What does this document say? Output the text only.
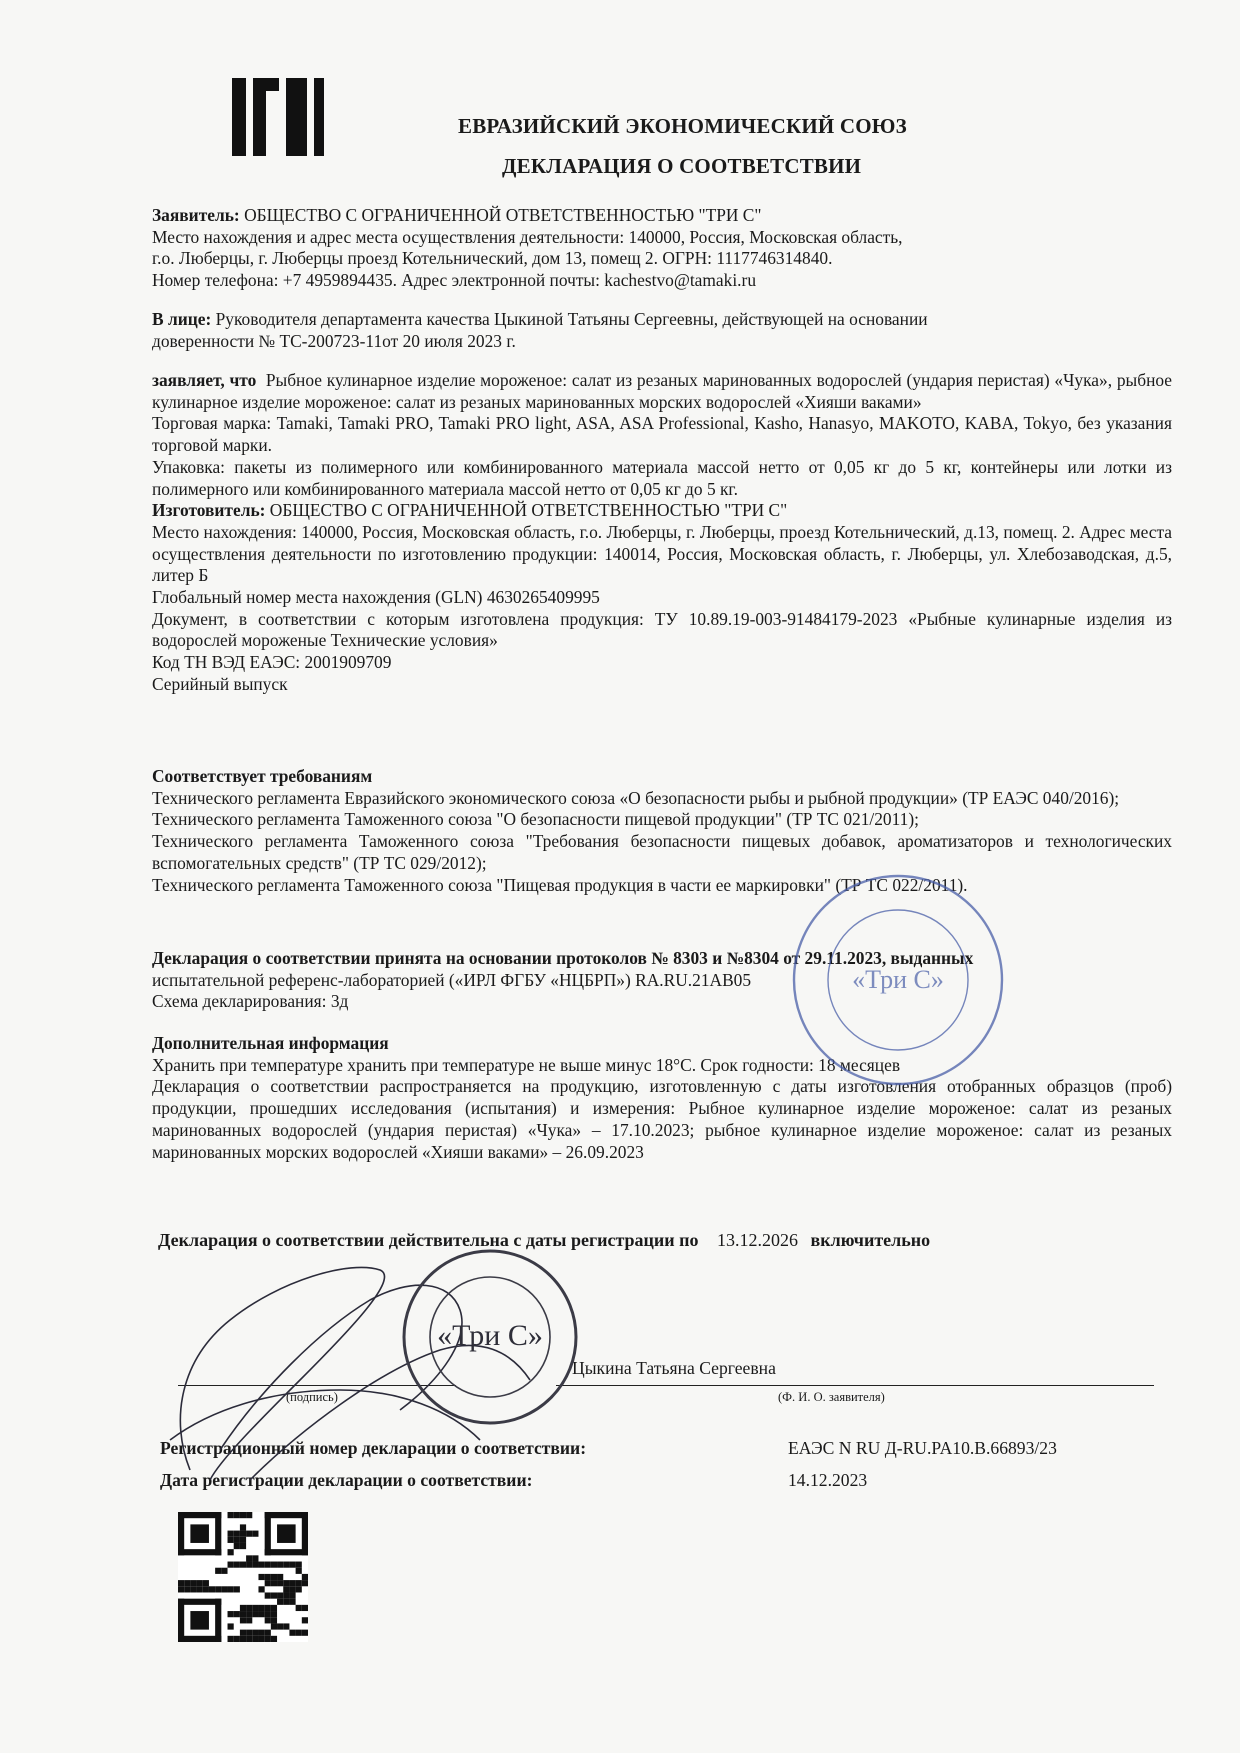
ЕВРАЗИЙСКИЙ ЭКОНОМИЧЕСКИЙ СОЮЗ
ДЕКЛАРАЦИЯ О СООТВЕТСТВИИ

Заявитель: ОБЩЕСТВО С ОГРАНИЧЕННОЙ ОТВЕТСТВЕННОСТЬЮ "ТРИ С"

Место нахождения и адрес места осуществления деятельности: 140000, Россия, Московская область,

г.о. Люберцы, г. Люберцы проезд Котельнический, дом 13, помещ 2. ОГРН: 1117746314840.

Номер телефона: +7 4959894435. Адрес электронной почты: kachestvo@tamaki.ru

В лице: Руководителя департамента качества Цыкиной Татьяны Сергеевны, действующей на основании

доверенности № ТС-200723-11от 20 июля 2023 г.

заявляет, что Рыбное кулинарное изделие мороженое: салат из резаных маринованных водорослей (ундария перистая) «Чука», рыбное кулинарное изделие мороженое: салат из резаных маринованных морских водорослей «Хияши ваками»

Торговая марка: Tamaki, Tamaki PRO, Tamaki PRO light, ASA, ASA Professional, Kasho, Hanasyo, MAKOTO, KABA, Tokyo, без указания торговой марки.

Упаковка: пакеты из полимерного или комбинированного материала массой нетто от 0,05 кг до 5 кг, контейнеры или лотки из полимерного или комбинированного материала массой нетто от 0,05 кг до 5 кг.

Изготовитель: ОБЩЕСТВО С ОГРАНИЧЕННОЙ ОТВЕТСТВЕННОСТЬЮ "ТРИ С"

Место нахождения: 140000, Россия, Московская область, г.о. Люберцы, г. Люберцы, проезд Котельнический, д.13, помещ. 2. Адрес места осуществления деятельности по изготовлению продукции: 140014, Россия, Московская область, г. Люберцы, ул. Хлебозаводская, д.5, литер Б

Глобальный номер места нахождения (GLN) 4630265409995

Документ, в соответствии с которым изготовлена продукция: ТУ 10.89.19-003-91484179-2023 «Рыбные кулинарные изделия из водорослей мороженые Технические условия»

Код ТН ВЭД ЕАЭС: 2001909709

Серийный выпуск

Соответствует требованиям

Технического регламента Евразийского экономического союза «О безопасности рыбы и рыбной продукции» (ТР ЕАЭС 040/2016);

Технического регламента Таможенного союза "О безопасности пищевой продукции" (ТР ТС 021/2011);

Технического регламента Таможенного союза "Требования безопасности пищевых добавок, ароматизаторов и технологических вспомогательных средств" (ТР ТС 029/2012);

Технического регламента Таможенного союза "Пищевая продукция в части ее маркировки" (ТР ТС 022/2011).

Декларация о соответствии принята на основании протоколов № 8303 и №8304 от 29.11.2023, выданных

испытательной референс-лабораторией («ИРЛ ФГБУ «НЦБРП») RA.RU.21AB05

Схема декларирования: 3д

Дополнительная информация

Хранить при температуре хранить при температуре не выше минус 18°С. Срок годности: 18 месяцев

Декларация о соответствии распространяется на продукцию, изготовленную с даты изготовления отобранных образцов (проб) продукции, прошедших исследования (испытания) и измерения: Рыбное кулинарное изделие мороженое: салат из резаных маринованных водорослей (ундария перистая) «Чука» – 17.10.2023; рыбное кулинарное изделие мороженое: салат из резаных маринованных морских водорослей «Хияши ваками» – 26.09.2023

Декларация о соответствии действительна с даты регистрации по 13.12.2026 включительно
Цыкина Татьяна Сергеевна
(подпись)	(Ф. И. О. заявителя)
Регистрационный номер декларации о соответствии:	ЕАЭС N RU Д-RU.PA10.B.66893/23
Дата регистрации декларации о соответствии:	14.12.2023
«Три С»
«Три С»
